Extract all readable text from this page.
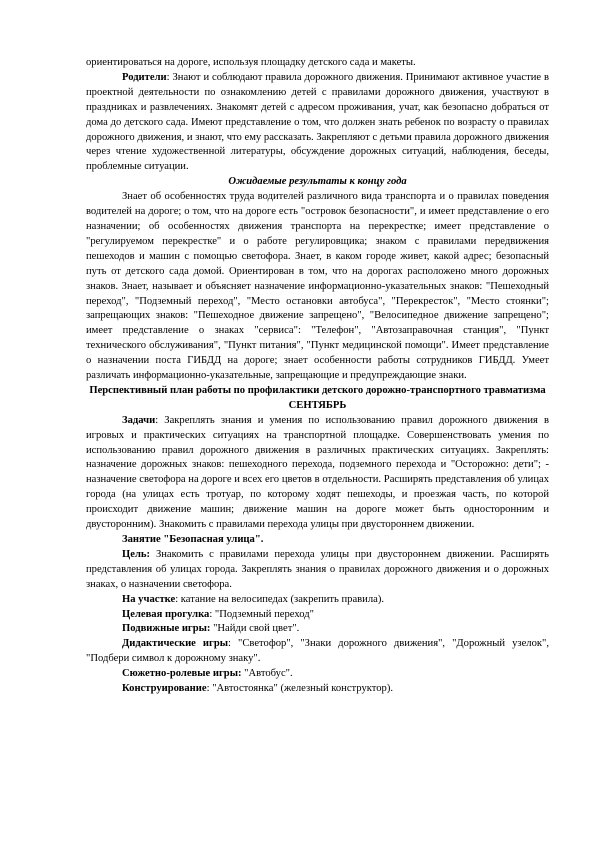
ориентироваться на дороге, используя площадку детского сада и макеты.

Родители: Знают и соблюдают правила дорожного движения. Принимают активное участие в проектной деятельности по ознакомлению детей с правилами дорожного движения, участвуют в праздниках и развлечениях. Знакомят детей с адресом проживания, учат, как безопасно добраться от дома до детского сада. Имеют представление о том, что должен знать ребенок по возрасту о правилах дорожного движения, и знают, что ему рассказать. Закрепляют с детьми правила дорожного движения через чтение художественной литературы, обсуждение дорожных ситуаций, наблюдения, беседы, проблемные ситуации.

Ожидаемые результаты к концу года

Знает об особенностях труда водителей различного вида транспорта и о правилах поведения водителей на дороге; о том, что на дороге есть "островок безопасности", и имеет представление о его назначении; об особенностях движения транспорта на перекрестке; имеет представление о "регулируемом перекрестке" и о работе регулировщика; знаком с правилами передвижения пешеходов и машин с помощью светофора. Знает, в каком городе живет, какой адрес; безопасный путь от детского сада домой. Ориентирован в том, что на дорогах расположено много дорожных знаков. Знает, называет и объясняет назначение информационно-указательных знаков: "Пешеходный переход", "Подземный переход", "Место остановки автобуса", "Перекресток", "Место стоянки"; запрещающих знаков: "Пешеходное движение запрещено", "Велосипедное движение запрещено"; имеет представление о знаках "сервиса": "Телефон", "Автозаправочная станция", "Пункт технического обслуживания", "Пункт питания", "Пункт медицинской помощи". Имеет представление о назначении поста ГИБДД на дороге; знает особенности работы сотрудников ГИБДД. Умеет различать информационно-указательные, запрещающие и предупреждающие знаки.

Перспективный план работы по профилактики детского дорожно-транспортного травматизма

СЕНТЯБРЬ

Задачи: Закреплять знания и умения по использованию правил дорожного движения в игровых и практических ситуациях на транспортной площадке. Совершенствовать умения по использованию правил дорожного движения в различных практических ситуациях. Закреплять: назначение дорожных знаков: пешеходного перехода, подземного перехода и "Осторожно: дети"; - назначение светофора на дороге и всех его цветов в отдельности. Расширять представления об улицах города (на улицах есть тротуар, по которому ходят пешеходы, и проезжая часть, по которой происходит движение машин; движение машин на дороге может быть односторонним и двусторонним). Знакомить с правилами перехода улицы при двустороннем движении.

Занятие "Безопасная улица".

Цель: Знакомить с правилами перехода улицы при двустороннем движении. Расширять представления об улицах города. Закреплять знания о правилах дорожного движения и о дорожных знаках, о назначении светофора.

На участке: катание на велосипедах (закрепить правила).

Целевая прогулка: "Подземный переход"

Подвижные игры: "Найди свой цвет".

Дидактические игры: "Светофор", "Знаки дорожного движения", "Дорожный узелок", "Подбери символ к дорожному знаку".

Сюжетно-ролевые игры: "Автобус".

Конструирование: "Автостоянка" (железный конструктор).
